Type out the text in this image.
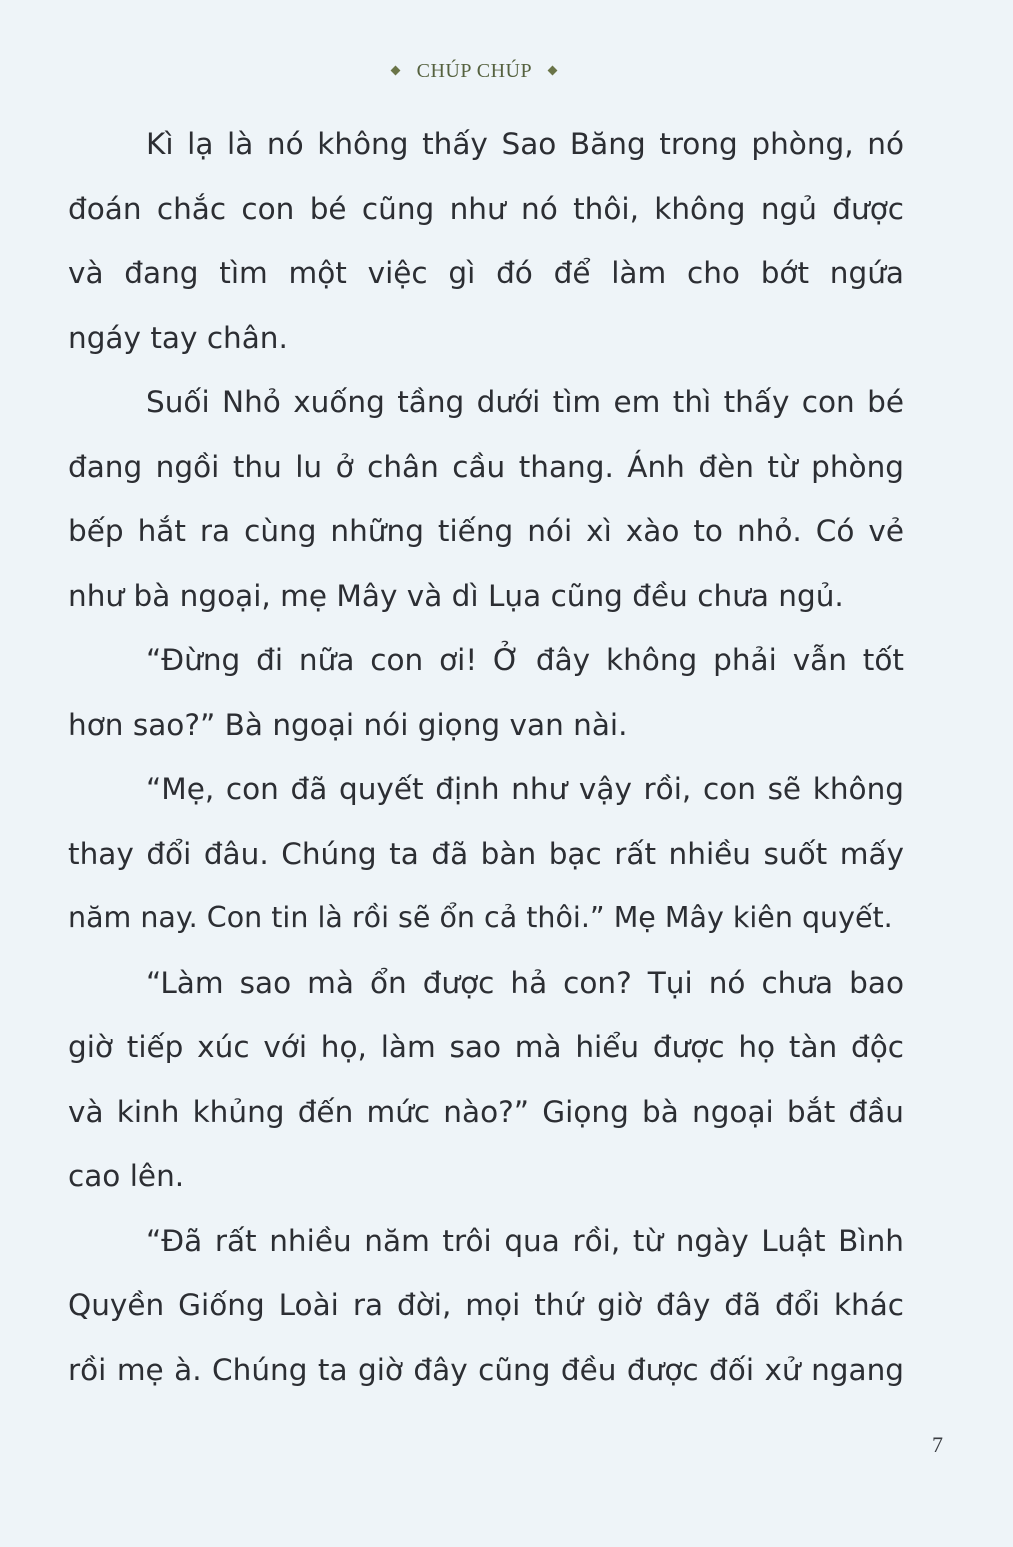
CHÚP CHÚP
Kì lạ là nó không thấy Sao Băng trong phòng, nó
đoán chắc con bé cũng như nó thôi, không ngủ được
và đang tìm một việc gì đó để làm cho bớt ngứa
ngáy tay chân.
Suối Nhỏ xuống tầng dưới tìm em thì thấy con bé
đang ngồi thu lu ở chân cầu thang. Ánh đèn từ phòng
bếp hắt ra cùng những tiếng nói xì xào to nhỏ. Có vẻ
như bà ngoại, mẹ Mây và dì Lụa cũng đều chưa ngủ.
“Đừng đi nữa con ơi! Ở đây không phải vẫn tốt
hơn sao?” Bà ngoại nói giọng van nài.
“Mẹ, con đã quyết định như vậy rồi, con sẽ không
thay đổi đâu. Chúng ta đã bàn bạc rất nhiều suốt mấy
năm nay. Con tin là rồi sẽ ổn cả thôi.” Mẹ Mây kiên quyết.
“Làm sao mà ổn được hả con? Tụi nó chưa bao
giờ tiếp xúc với họ, làm sao mà hiểu được họ tàn độc
và kinh khủng đến mức nào?” Giọng bà ngoại bắt đầu
cao lên.
“Đã rất nhiều năm trôi qua rồi, từ ngày Luật Bình
Quyền Giống Loài ra đời, mọi thứ giờ đây đã đổi khác
rồi mẹ à. Chúng ta giờ đây cũng đều được đối xử ngang
7
